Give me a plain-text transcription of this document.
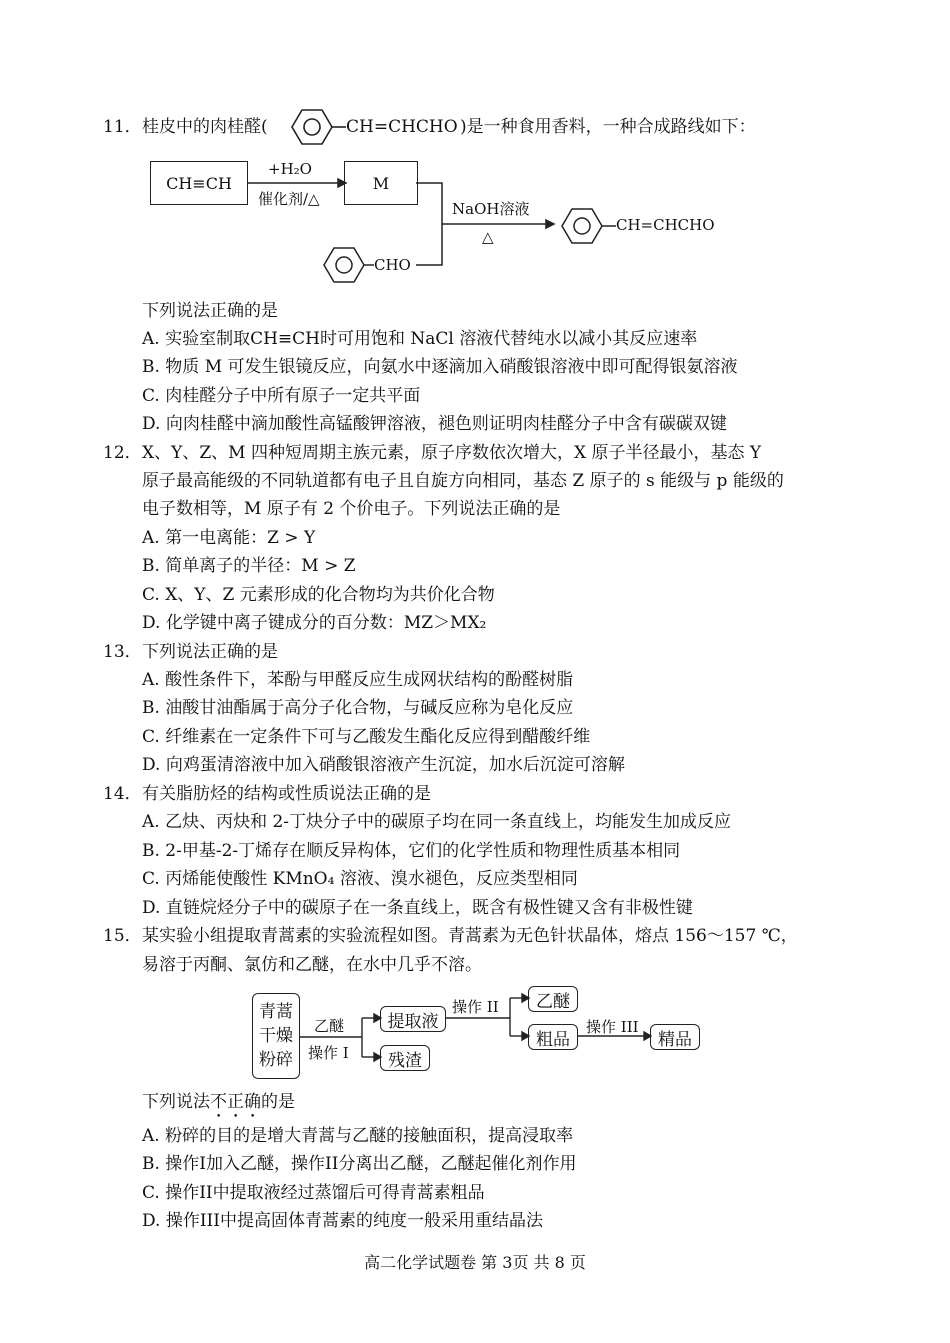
11． 桂皮中的肉桂醛(	CH=CHCHO )是一种食用香料，一种合成路线如下：
CH≡CH
+H₂O
催化剂/△
M
NaOH溶液
△
CHO
CH=CHCHO
下列说法正确的是
A. 实验室制取CH≡CH时可用饱和 NaCl 溶液代替纯水以减小其反应速率
B. 物质 M 可发生银镜反应，向氨水中逐滴加入硝酸银溶液中即可配得银氨溶液
C. 肉桂醛分子中所有原子一定共平面
D. 向肉桂醛中滴加酸性高锰酸钾溶液，褪色则证明肉桂醛分子中含有碳碳双键
12． X、Y、Z、M 四种短周期主族元素，原子序数依次增大，X 原子半径最小，基态 Y
原子最高能级的不同轨道都有电子且自旋方向相同，基态 Z 原子的 s 能级与 p 能级的
电子数相等，M 原子有 2 个价电子。下列说法正确的是
A. 第一电离能：Z > Y
B. 简单离子的半径：M > Z
C. X、Y、Z 元素形成的化合物均为共价化合物
D. 化学键中离子键成分的百分数：MZ＞MX₂
13． 下列说法正确的是
A. 酸性条件下，苯酚与甲醛反应生成网状结构的酚醛树脂
B. 油酸甘油酯属于高分子化合物，与碱反应称为皂化反应
C. 纤维素在一定条件下可与乙酸发生酯化反应得到醋酸纤维
D. 向鸡蛋清溶液中加入硝酸银溶液产生沉淀，加水后沉淀可溶解
14． 有关脂肪烃的结构或性质说法正确的是
A. 乙炔、丙炔和 2-丁炔分子中的碳原子均在同一条直线上，均能发生加成反应
B. 2-甲基-2-丁烯存在顺反异构体，它们的化学性质和物理性质基本相同
C. 丙烯能使酸性 KMnO₄ 溶液、溴水褪色，反应类型相同
D. 直链烷烃分子中的碳原子在一条直线上，既含有极性键又含有非极性键
15． 某实验小组提取青蒿素的实验流程如图。青蒿素为无色针状晶体，熔点 156～157 ℃，
易溶于丙酮、氯仿和乙醚，在水中几乎不溶。
青蒿
干燥
粉碎
乙醚
操作 I
提取液
残渣
操作 II	乙醚
粗品
操作 III
精品
下列说法不正确的是
A. 粉碎的目的是增大青蒿与乙醚的接触面积，提高浸取率
B. 操作I加入乙醚，操作II分离出乙醚，乙醚起催化剂作用
C. 操作II中提取液经过蒸馏后可得青蒿素粗品
D. 操作III中提高固体青蒿素的纯度一般采用重结晶法
高二化学试题卷 第 3页 共 8 页
